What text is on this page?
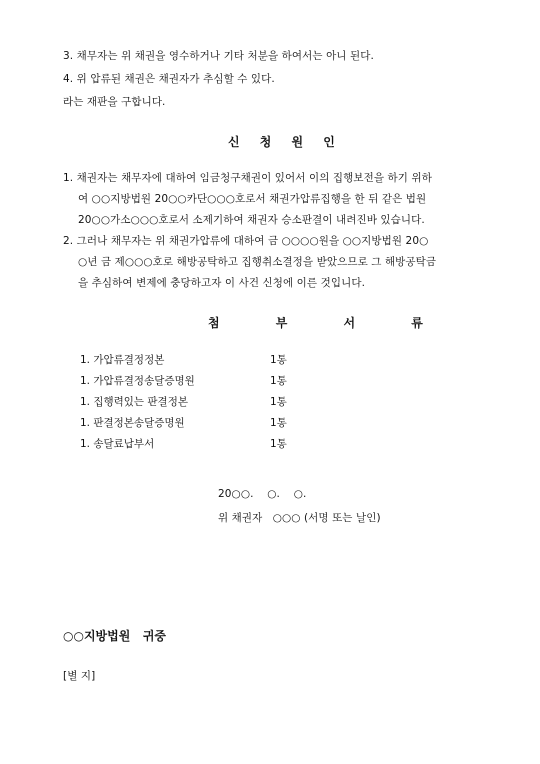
3. 채무자는 위 채권을 영수하거나 기타 처분을 하여서는 아니 된다.
4. 위 압류된 채권은 채권자가 추심할 수 있다.
라는 재판을 구합니다.
신 청 원 인
1. 채권자는 채무자에 대하여 임금청구채권이 있어서 이의 집행보전을 하기 위하
여 ○○지방법원 20○○카단○○○호로서 채권가압류집행을 한 뒤 같은 법원
20○○가소○○○호로서 소제기하여 채권자 승소판결이 내려진바 있습니다.
2. 그러나 채무자는 위 채권가압류에 대하여 금 ○○○○원을 ○○지방법원 20○
○년 금 제○○○호로 해방공탁하고 집행취소결정을 받았으므로 그 해방공탁금
을 추심하여 변제에 충당하고자 이 사건 신청에 이른 것입니다.
첨 부 서 류
1. 가압류결정정본	1통
1. 가압류결정송달증명원	1통
1. 집행력있는 판결정본	1통
1. 판결정본송달증명원	1통
1. 송달료납부서	1통
20○○.    ○.    ○.
위 채권자   ○○○ (서명 또는 날인)
○○지방법원   귀중
[별 지]
